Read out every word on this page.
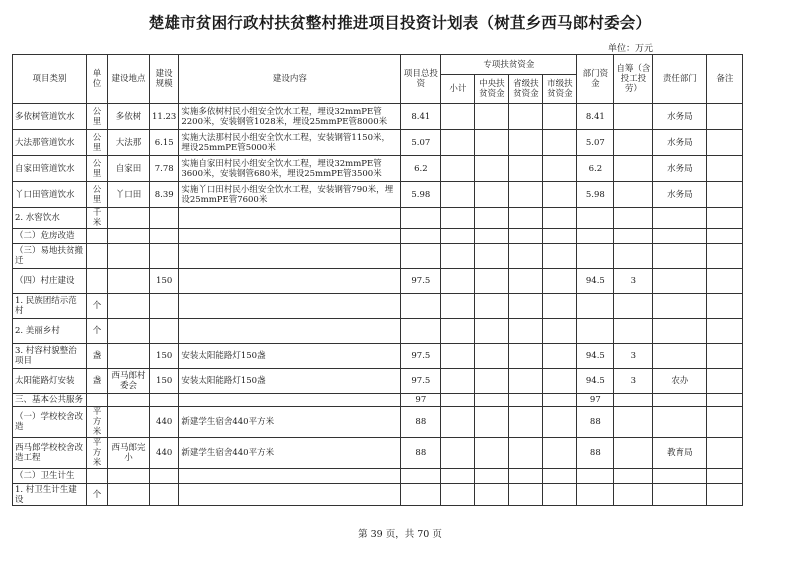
楚雄市贫困行政村扶贫整村推进项目投资计划表（树苴乡西马郎村委会）
单位：万元
项目类别	单位	建设地点	建设规模	建设内容	项目总投资	专项扶贫资金				部门资金	自筹（含投工投劳）	责任部门	备注
						小计	中央扶贫资金	省级扶贫资金	市级扶贫资金				
多依树管道饮水	公里	多依树	11.23	实施多依树村民小组安全饮水工程，埋设32mmPE管2200米，安装钢管1028米，埋设25mmPE管8000米	8.41					8.41		水务局	
大法那管道饮水	公里	大法那	6.15	实施大法那村民小组安全饮水工程，安装钢管1150米，埋设25mmPE管5000米	5.07					5.07		水务局	
自家田管道饮水	公里	自家田	7.78	实施自家田村民小组安全饮水工程，埋设32mmPE管3600米，安装钢管680米，埋设25mmPE管3500米	6.2					6.2		水务局	
丫口田管道饮水	公里	丫口田	8.39	实施丫口田村民小组安全饮水工程，安装钢管790米，埋设25mmPE管7600米	5.98					5.98		水务局	
2. 水窖饮水	千米												
（二）危房改造													
（三）易地扶贫搬迁													
（四）村庄建设			150		97.5					94.5	3		
1. 民族团结示范村	个												
2. 美丽乡村	个												
3. 村容村貌整治项目	盏		150	安装太阳能路灯150盏	97.5					94.5	3		
太阳能路灯安装	盏	西马郎村委会	150	安装太阳能路灯150盏	97.5					94.5	3	农办	
三、基本公共服务					97					97			
（一）学校校舍改造	平方米		440	新建学生宿舍440平方米	88					88			
西马郎学校校舍改造工程	平方米	西马郎完小	440	新建学生宿舍440平方米	88					88		教育局	
（二）卫生计生													
1. 村卫生计生建设	个												
第 39 页，共 70 页
